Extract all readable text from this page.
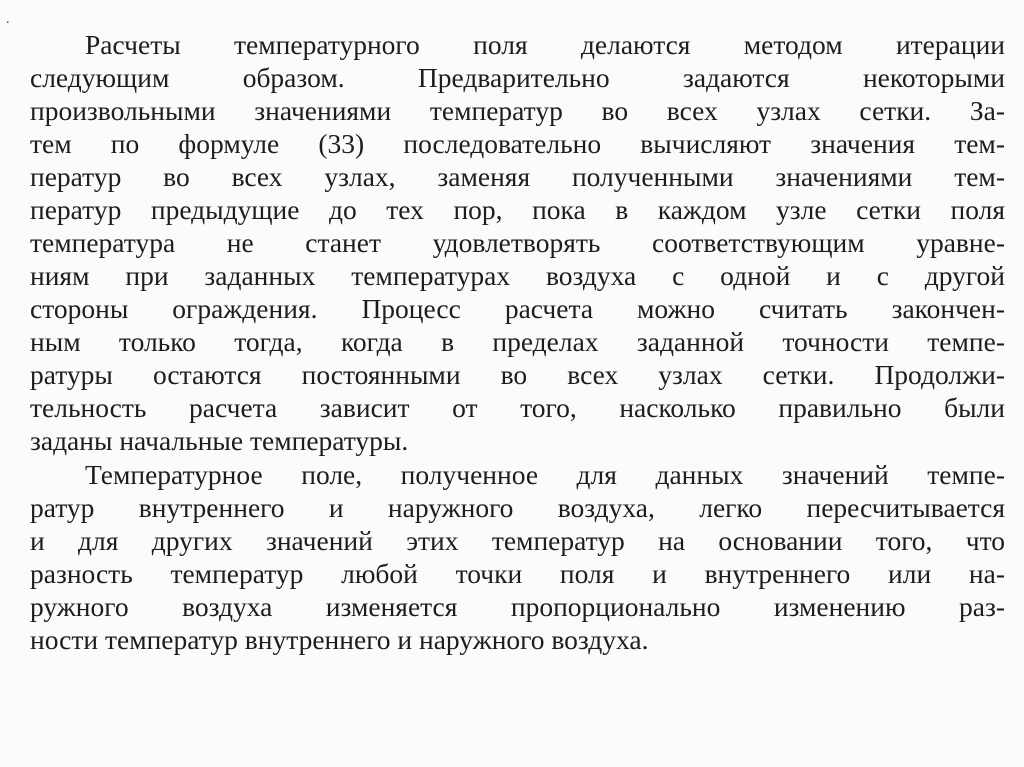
.
Расчеты температурного поля делаются методом итерации
следующим образом. Предварительно задаются некоторыми
произвольными значениями температур во всех узлах сетки. За-
тем по формуле (33) последовательно вычисляют значения тем-
ператур во всех узлах, заменяя полученными значениями тем-
ператур предыдущие до тех пор, пока в каждом узле сетки поля
температура не станет удовлетворять соответствующим уравне-
ниям при заданных температурах воздуха с одной и с другой
стороны ограждения. Процесс расчета можно считать закончен-
ным только тогда, когда в пределах заданной точности темпе-
ратуры остаются постоянными во всех узлах сетки. Продолжи-
тельность расчета зависит от того, насколько правильно были
заданы начальные температуры.
Температурное поле, полученное для данных значений темпе-
ратур внутреннего и наружного воздуха, легко пересчитывается
и для других значений этих температур на основании того, что
разность температур любой точки поля и внутреннего или на-
ружного воздуха изменяется пропорционально изменению раз-
ности температур внутреннего и наружного воздуха.
